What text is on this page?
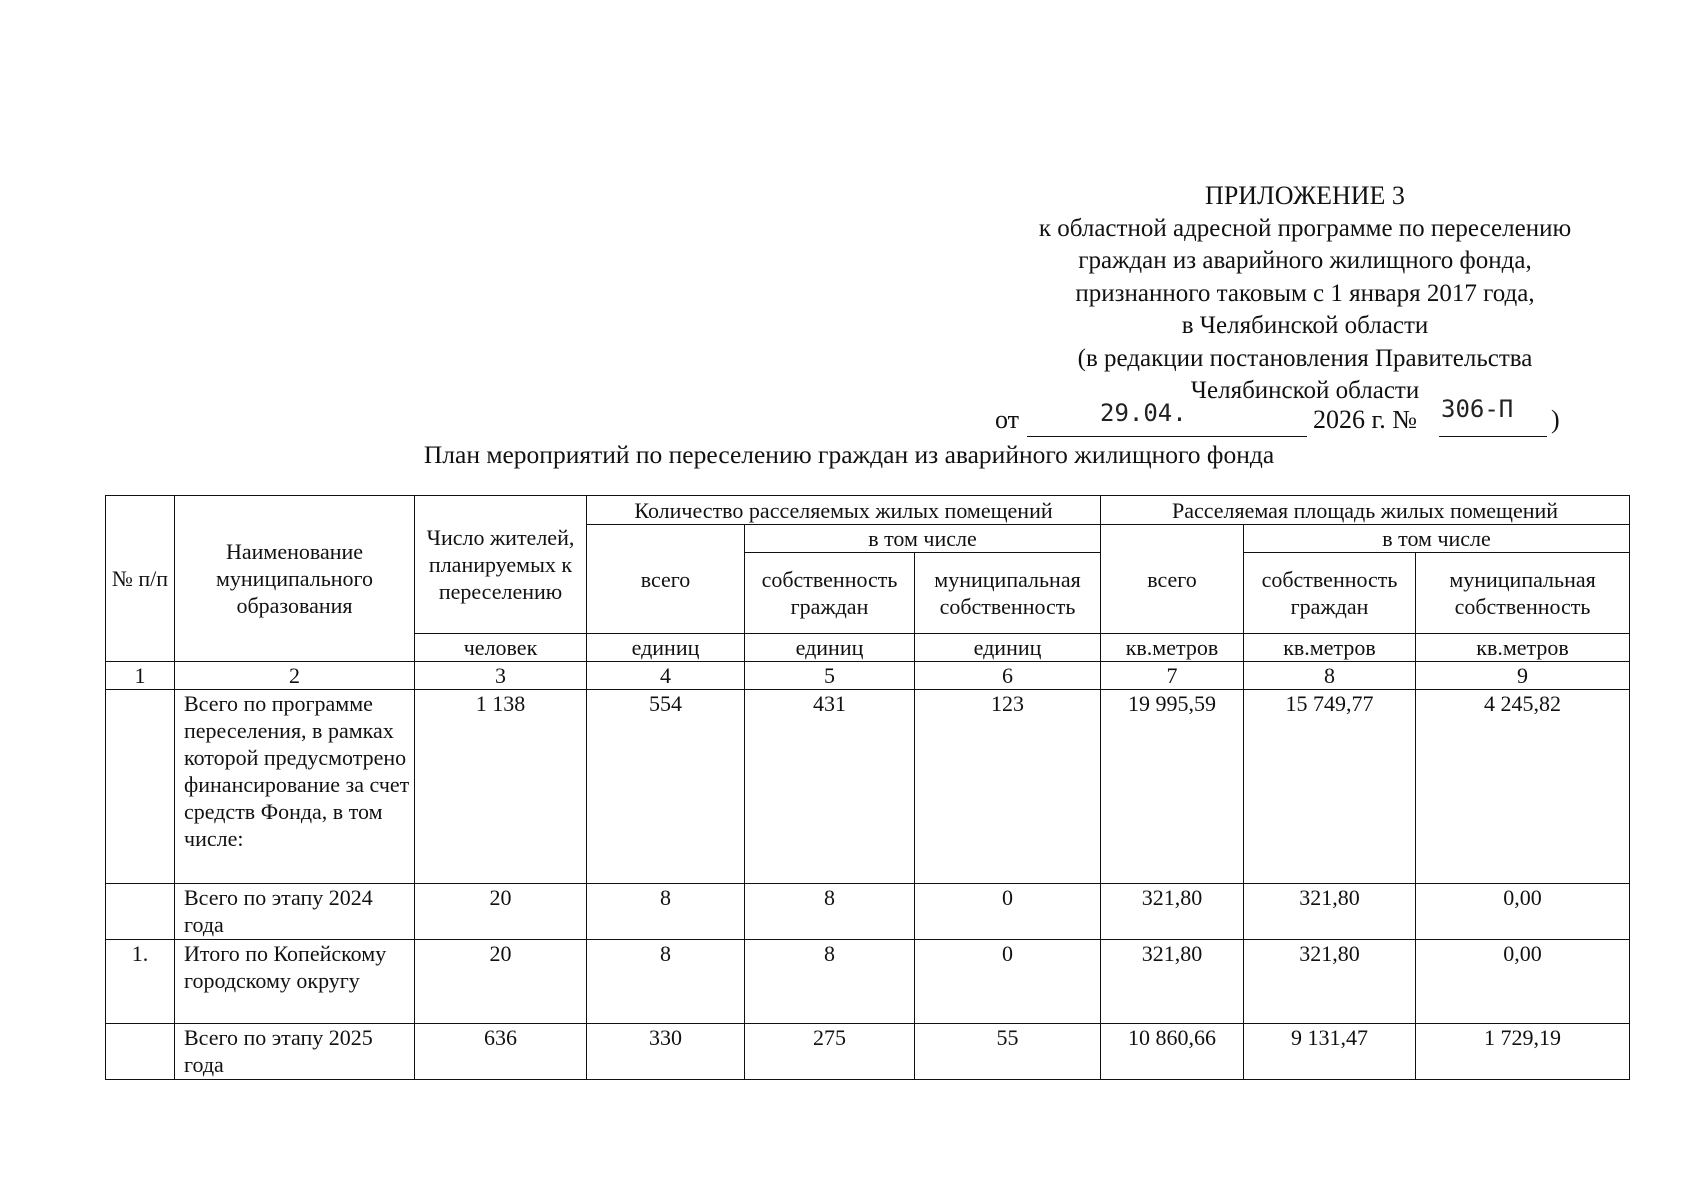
ПРИЛОЖЕНИЕ 3
к областной адресной программе по переселению
граждан из аварийного жилищного фонда,
признанного таковым с 1 января 2017 года,
в Челябинской области
(в редакции постановления Правительства
Челябинской области
от	29.04.	2026 г. № 306-П )
План мероприятий по переселению граждан из аварийного жилищного фонда
№ п/п	Наименование муниципального образования	Число жителей, планируемых к переселению	Количество расселяемых жилых помещений			Расселяемая площадь жилых помещений		
			всего	в том числе		всего	в том числе	
				собственность граждан	муниципальная собственность		собственность граждан	муниципальная собственность
		человек	единиц	единиц	единиц	кв.метров	кв.метров	кв.метров
1	2	3	4	5	6	7	8	9
	Всего по программе переселения, в рамках которой предусмотрено финансирование за счет средств Фонда, в том числе:	1 138	554	431	123	19 995,59	15 749,77	4 245,82
	Всего по этапу 2024 года	20	8	8	0	321,80	321,80	0,00
1.	Итого по Копейскому городскому округу	20	8	8	0	321,80	321,80	0,00
	Всего по этапу 2025 года	636	330	275	55	10 860,66	9 131,47	1 729,19
